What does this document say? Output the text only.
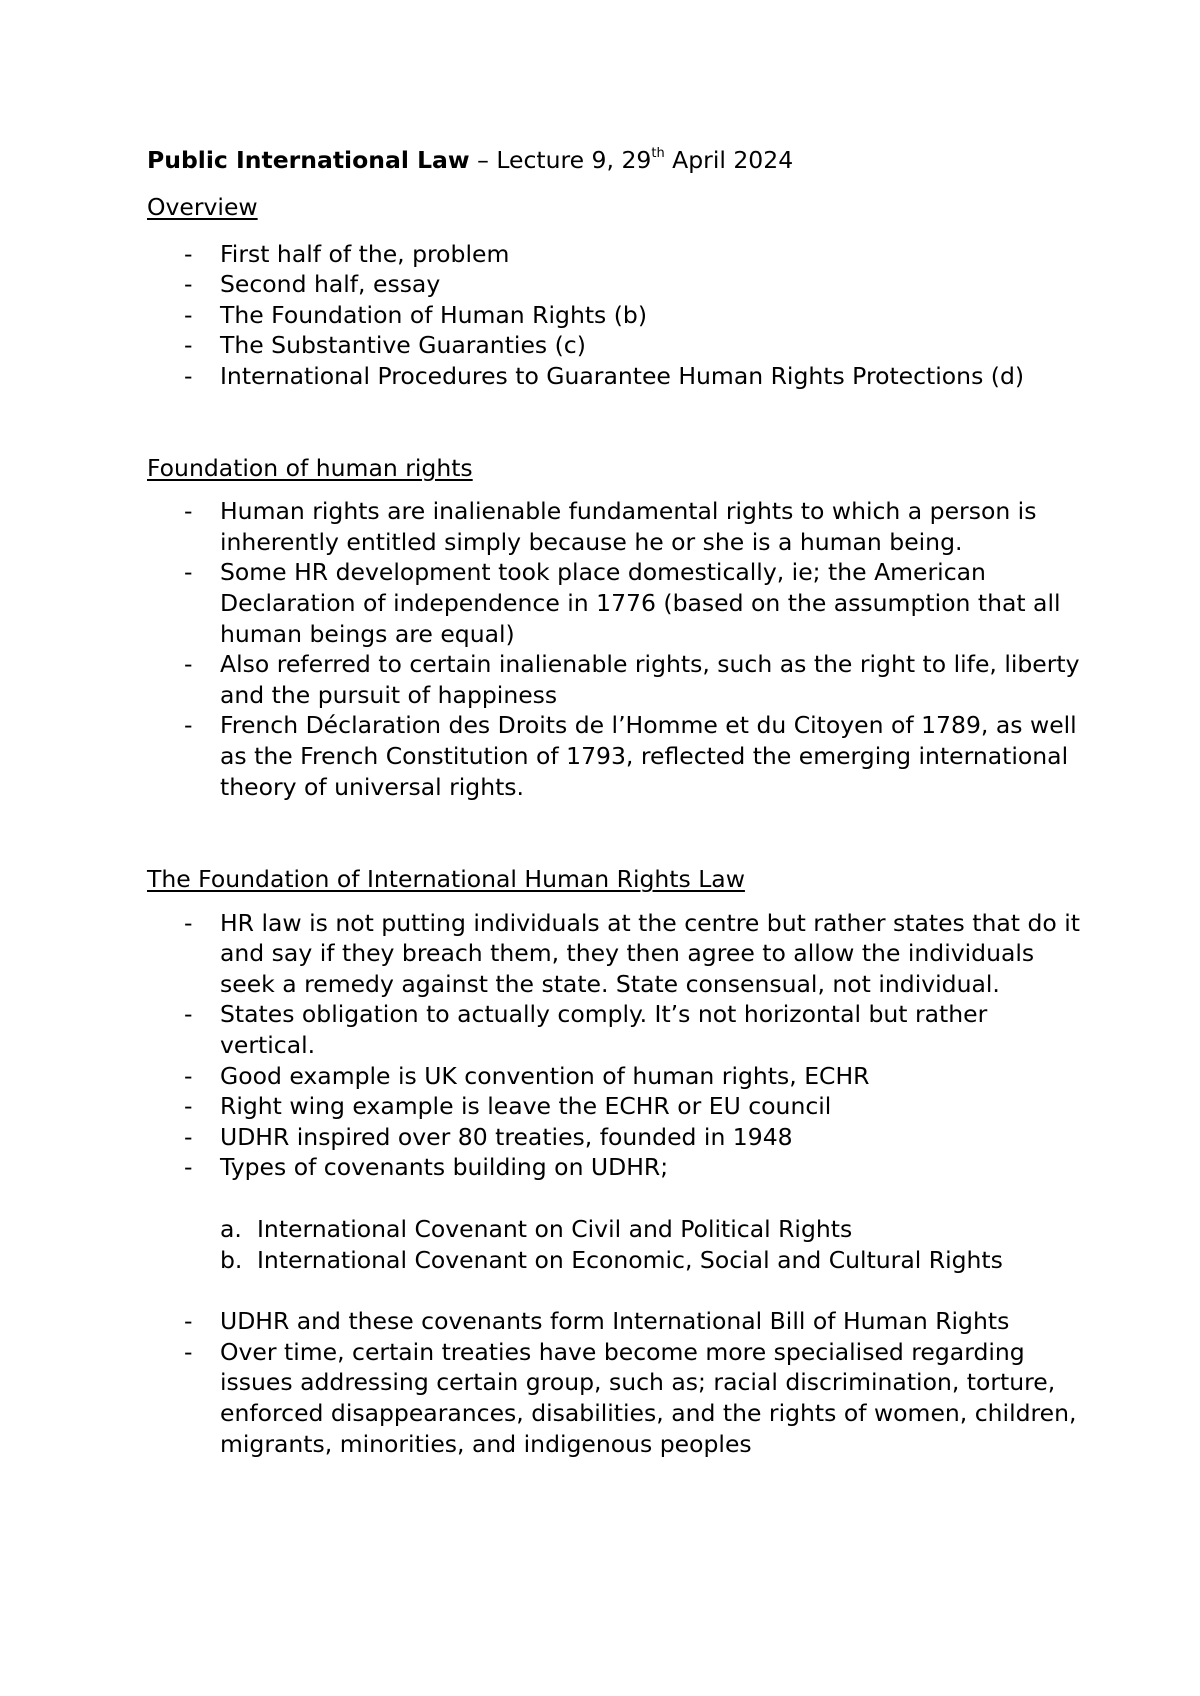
Public International Law – Lecture 9, 29th April 2024

Overview

- First half of the, problem
- Second half, essay
- The Foundation of Human Rights (b)
- The Substantive Guaranties (c)
- International Procedures to Guarantee Human Rights Protections (d)

Foundation of human rights

- Human rights are inalienable fundamental rights to which a person is inherently entitled simply because he or she is a human being.
- Some HR development took place domestically, ie; the American Declaration of independence in 1776 (based on the assumption that all human beings are equal)
- Also referred to certain inalienable rights, such as the right to life, liberty and the pursuit of happiness
- French Déclaration des Droits de l’Homme et du Citoyen of 1789, as well as the French Constitution of 1793, reflected the emerging international theory of universal rights.

The Foundation of International Human Rights Law

- HR law is not putting individuals at the centre but rather states that do it and say if they breach them, they then agree to allow the individuals seek a remedy against the state. State consensual, not individual.
- States obligation to actually comply. It’s not horizontal but rather vertical.
- Good example is UK convention of human rights, ECHR
- Right wing example is leave the ECHR or EU council
- UDHR inspired over 80 treaties, founded in 1948
- Types of covenants building on UDHR;
a. International Covenant on Civil and Political Rights
b. International Covenant on Economic, Social and Cultural Rights
- UDHR and these covenants form International Bill of Human Rights
- Over time, certain treaties have become more specialised regarding issues addressing certain group, such as; racial discrimination, torture, enforced disappearances, disabilities, and the rights of women, children, migrants, minorities, and indigenous peoples
